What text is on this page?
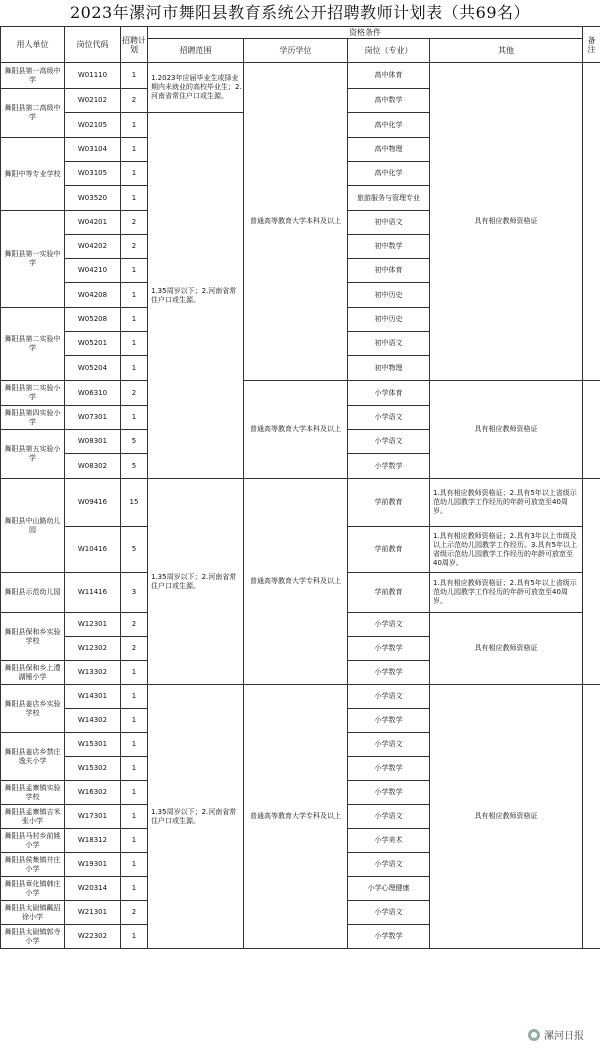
2023年漯河市舞阳县教育系统公开招聘教师计划表（共69名）
用人单位	岗位代码	招聘计划	资格条件				备注
			招聘范围	学历学位	岗位（专业）	其他	
舞阳县第一高级中学	W01110	1	1.2023年应届毕业生或择业期内未就业的高校毕业生；2.河南省常住户口或生源。	普通高等教育大学本科及以上	高中体育	具有相应教师资格证	
舞阳县第二高级中学	W02102	2			高中数学		
	W02105	1	1.35周岁以下；2.河南省常住户口或生源。		高中化学		
舞阳中等专业学校	W03104	1			高中物理		
	W03105	1			高中化学		
	W03520	1			旅游服务与管理专业		
舞阳县第一实验中学	W04201	2			初中语文		
	W04202	2			初中数学		
	W04210	1			初中体育		
	W04208	1			初中历史		
舞阳县第二实验中学	W05208	1			初中历史		
	W05201	1			初中语文		
	W05204	1			初中物理		
舞阳县第二实验小学	W06310	2		普通高等教育大学本科及以上	小学体育	具有相应教师资格证	
舞阳县第四实验小学	W07301	1			小学语文		
舞阳县第五实验小学	W08301	5			小学语文		
	W08302	5			小学数学		
舞阳县中山路幼儿园	W09416	15	1.35周岁以下；2.河南省常住户口或生源。	普通高等教育大学专科及以上	学前教育	1.具有相应教师资格证；2.具有5年以上省级示范幼儿园教学工作经历的年龄可放宽至40周岁。	
	W10416	5			学前教育	1.具有相应教师资格证；2.具有3年以上市级及以上示范幼儿园教学工作经历。3.具有5年以上省级示范幼儿园教学工作经历的年龄可放宽至40周岁。	
舞阳县示范幼儿园	W11416	3			学前教育	1.具有相应教师资格证；2.具有5年以上省级示范幼儿园教学工作经历的年龄可放宽至40周岁。	
舞阳县保和乡实验学校	W12301	2			小学语文	具有相应教师资格证	
	W12302	2			小学数学		
舞阳县保和乡上澧湖锤小学	W13302	1			小学数学		
舞阳县姜店乡实验学校	W14301	1	1.35周岁以下；2.河南省常住户口或生源。	普通高等教育大学专科及以上	小学语文	具有相应教师资格证	
	W14302	1			小学数学		
舞阳县姜店乡禁庄逸夫小学	W15301	1			小学语文		
	W15302	1			小学数学		
舞阳县孟寨镇实验学校	W16302	1			小学数学		
舞阳县孟寨镇吉米张小学	W17301	1			小学语文		
舞阳县马村乡前姚小学	W18312	1			小学美术		
舞阳县侯集镇井庄小学	W19301	1			小学语文		
舞阳县章化镇韩庄小学	W20314	1			小学心理健康		
舞阳县太尉镇瓤招徐小学	W21301	2			小学语文		
舞阳县太尉镇郭寺小学	W22302	1			小学数学		
漯河日报
